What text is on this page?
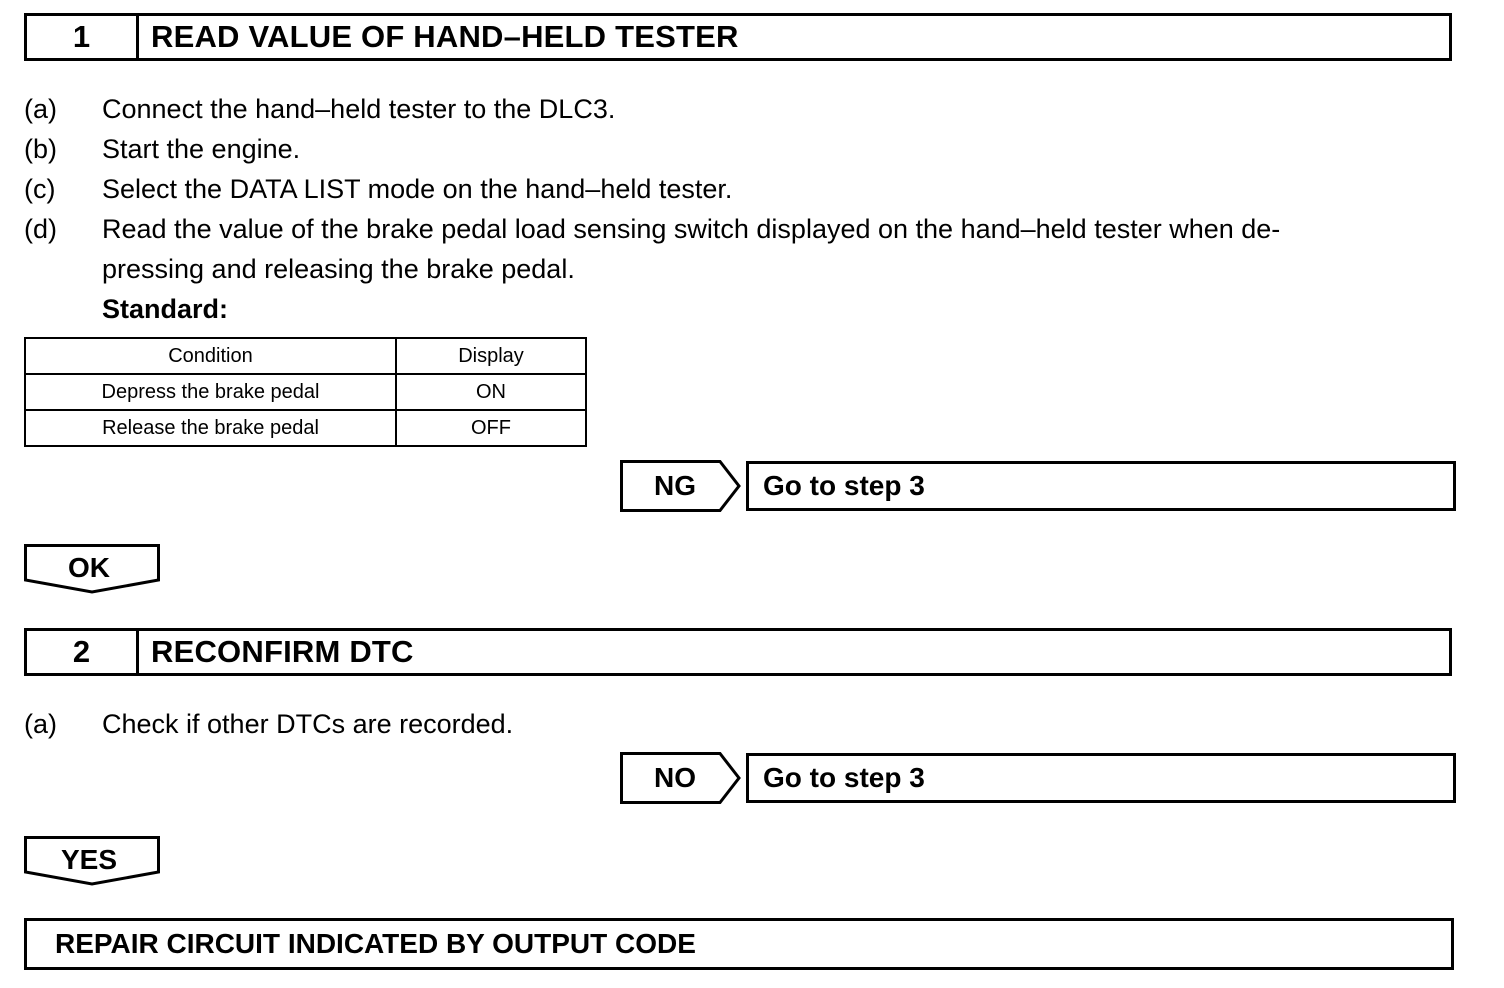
1	READ VALUE OF HAND–HELD TESTER
(a)	Connect the hand–held tester to the DLC3.
(b)	Start the engine.
(c)	Select the DATA LIST mode on the hand–held tester.
(d)	Read the value of the brake pedal load sensing switch displayed on the hand–held tester when de-
pressing and releasing the brake pedal.
Standard:
Condition	Display
Depress the brake pedal	ON
Release the brake pedal	OFF
NG	Go to step 3
OK
2	RECONFIRM DTC
(a)	Check if other DTCs are recorded.
NO	Go to step 3
YES
REPAIR CIRCUIT INDICATED BY OUTPUT CODE
